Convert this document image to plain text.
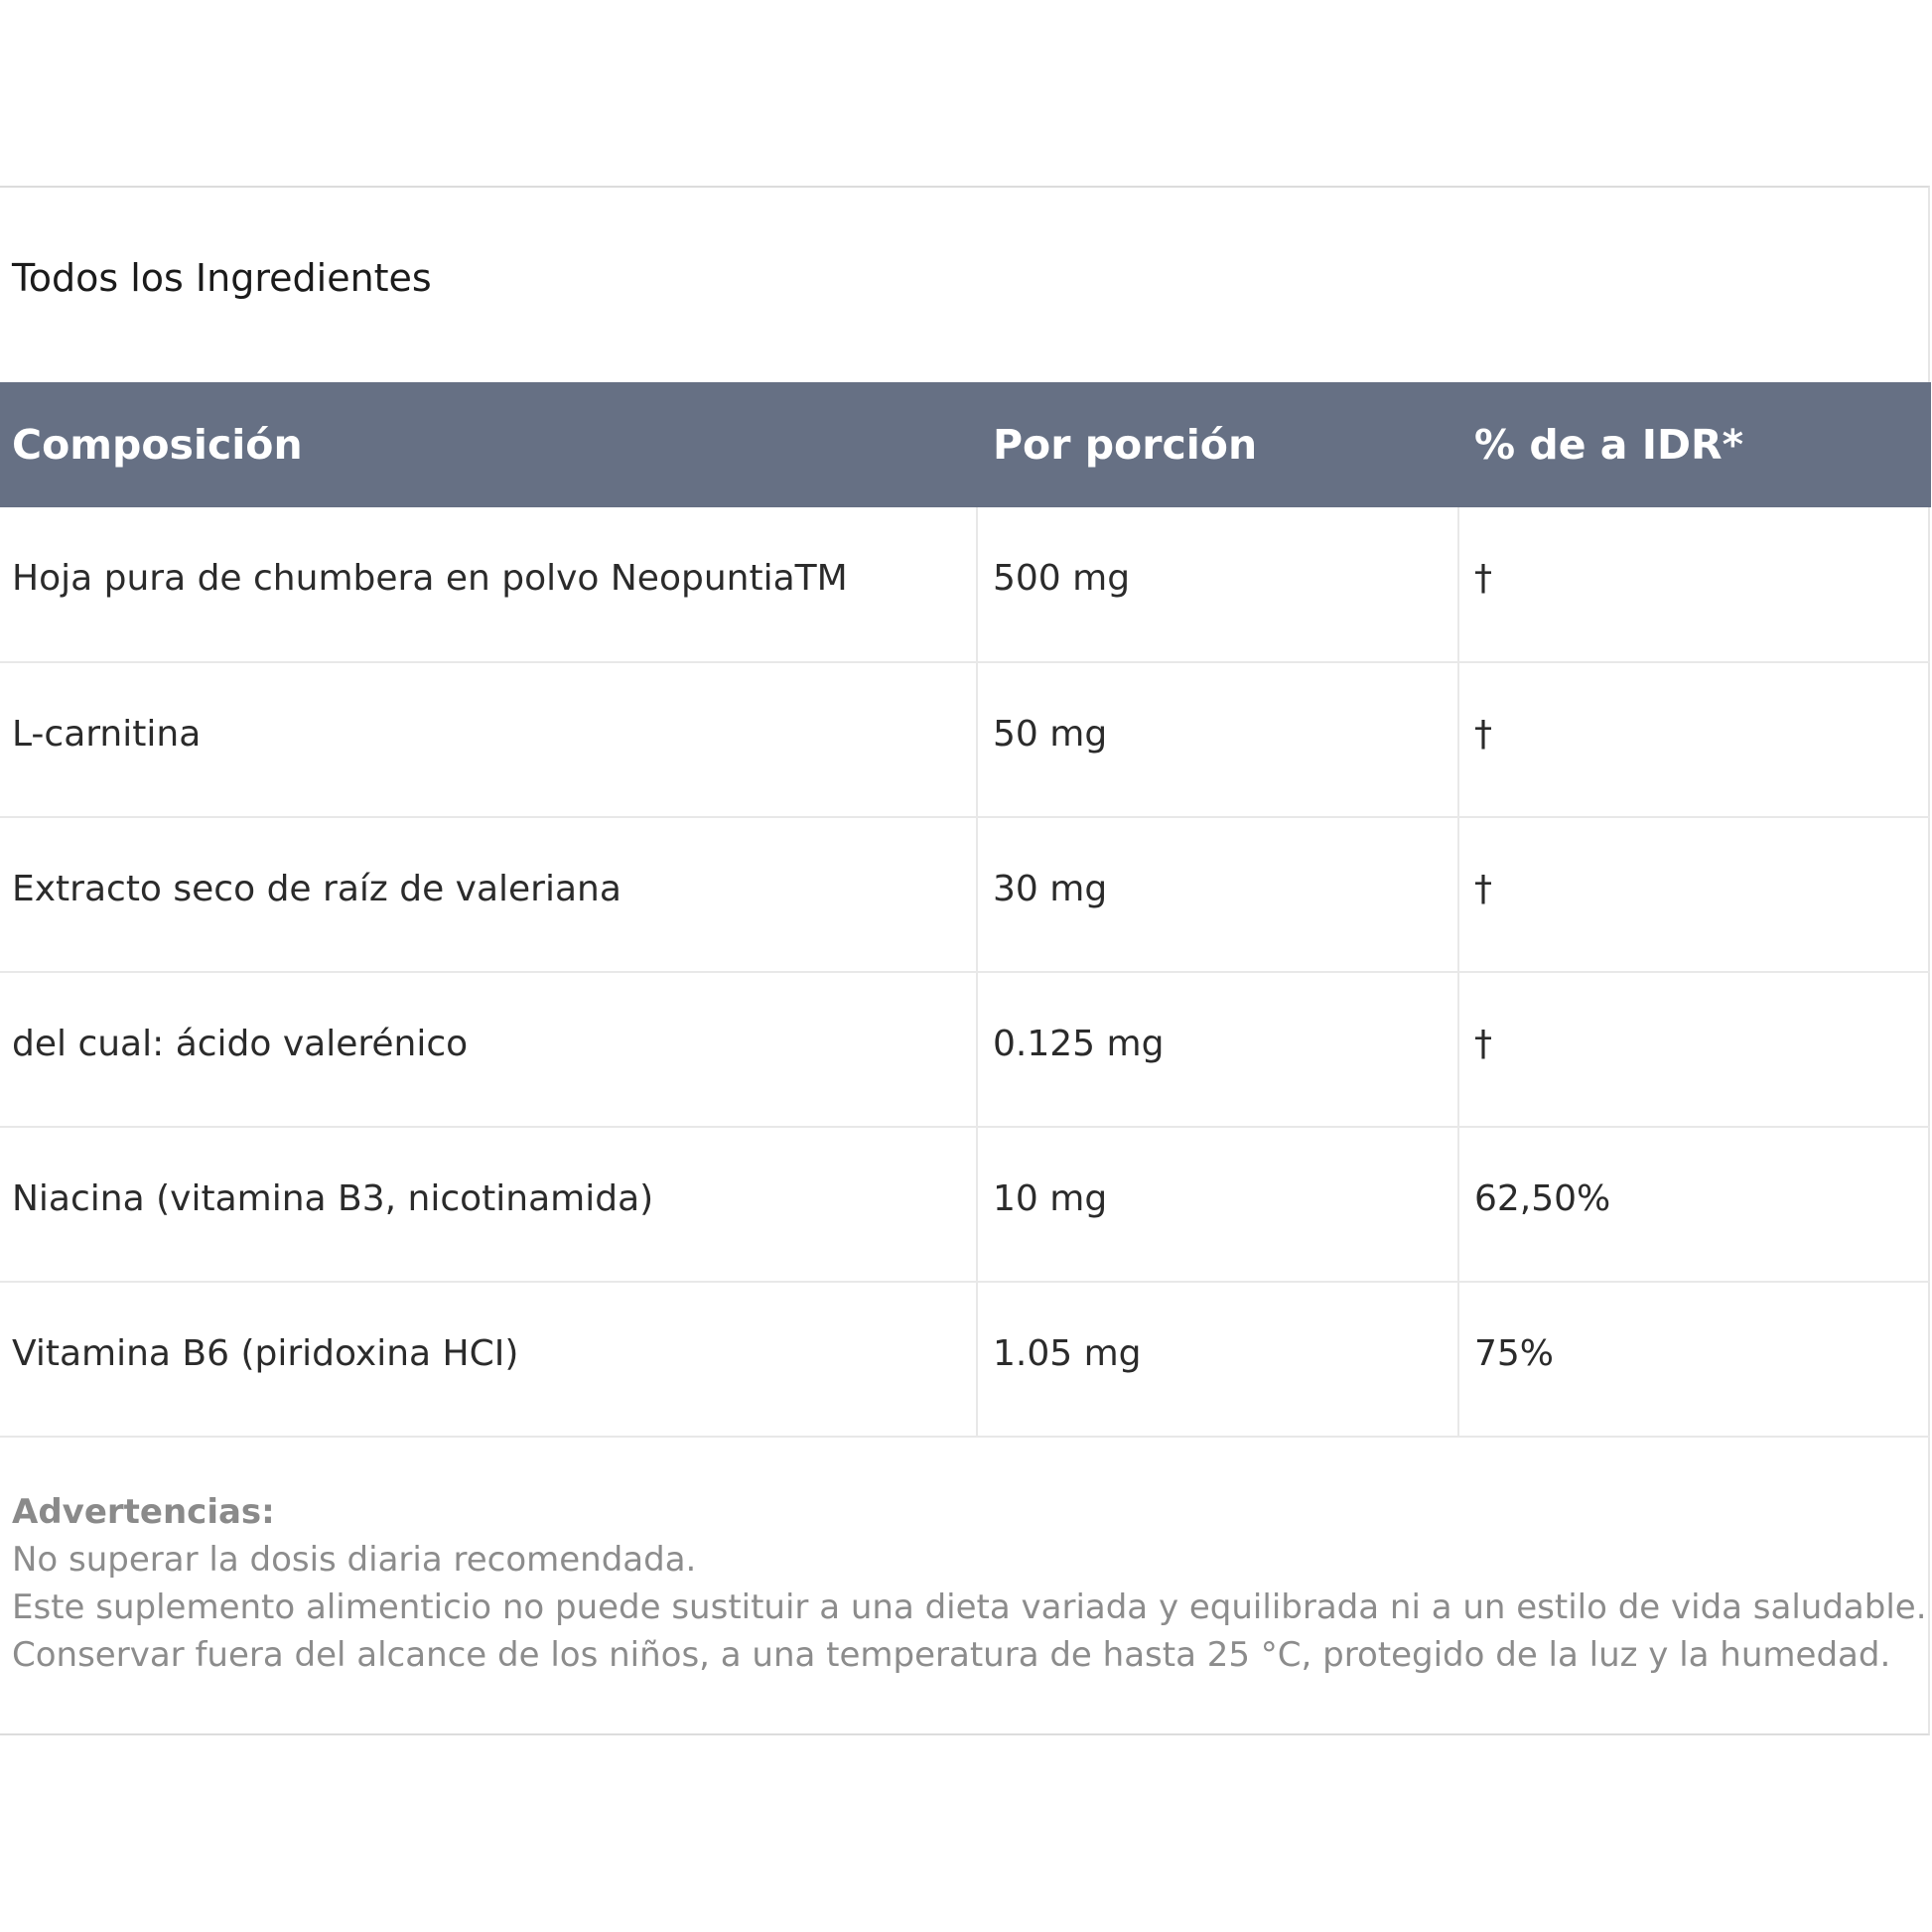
Todos los Ingredientes
Composición	Por porción	% de a IDR*
Hoja pura de chumbera en polvo NeopuntiaTM	500 mg	†
L-carnitina	50 mg	†
Extracto seco de raíz de valeriana	30 mg	†
del cual: ácido valerénico	0.125 mg	†
Niacina (vitamina B3, nicotinamida)	10 mg	62,50%
Vitamina B6 (piridoxina HCI)	1.05 mg	75%
Advertencias:
No superar la dosis diaria recomendada.
Este suplemento alimenticio no puede sustituir a una dieta variada y equilibrada ni a un estilo de vida saludable.
Conservar fuera del alcance de los niños, a una temperatura de hasta 25 °C, protegido de la luz y la humedad.
